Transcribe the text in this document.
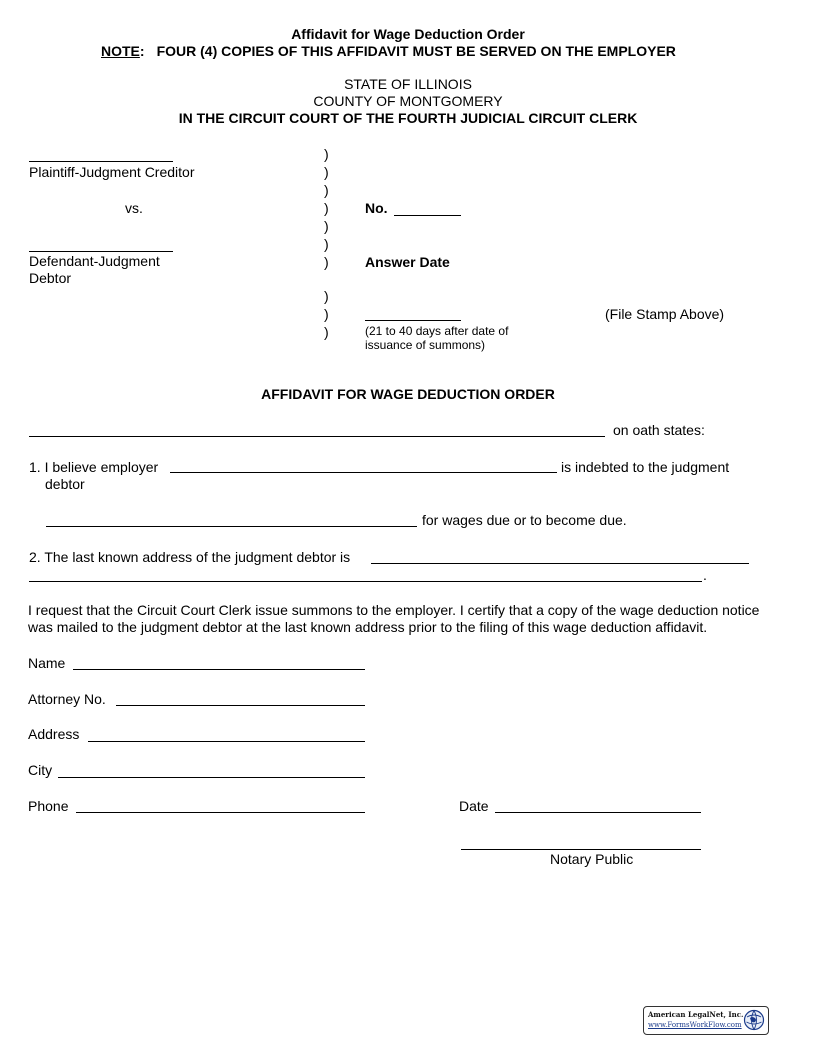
Affidavit for Wage Deduction Order
NOTE: FOUR (4) COPIES OF THIS AFFIDAVIT MUST BE SERVED ON THE EMPLOYER
STATE OF ILLINOIS
COUNTY OF MONTGOMERY
IN THE CIRCUIT COURT OF THE FOURTH JUDICIAL CIRCUIT CLERK
Plaintiff-Judgment Creditor
vs.
Defendant-Judgment
Debtor
)
)
)
)
)
)
)
)
)
)
No.
Answer Date
(21 to 40 days after date of
issuance of summons)
(File Stamp Above)
AFFIDAVIT FOR WAGE DEDUCTION ORDER
on oath states:
1. I believe employer	is indebted to the judgment
debtor
for wages due or to become due.
2. The last known address of the judgment debtor is
.
I request that the Circuit Court Clerk issue summons to the employer. I certify that a copy of the wage deduction notice was mailed to the judgment debtor at the last known address prior to the filing of this wage deduction affidavit.
Name
Attorney No.
Address
City
Phone	Date
Notary Public
American LegalNet, Inc.
www.FormsWorkFlow.com
